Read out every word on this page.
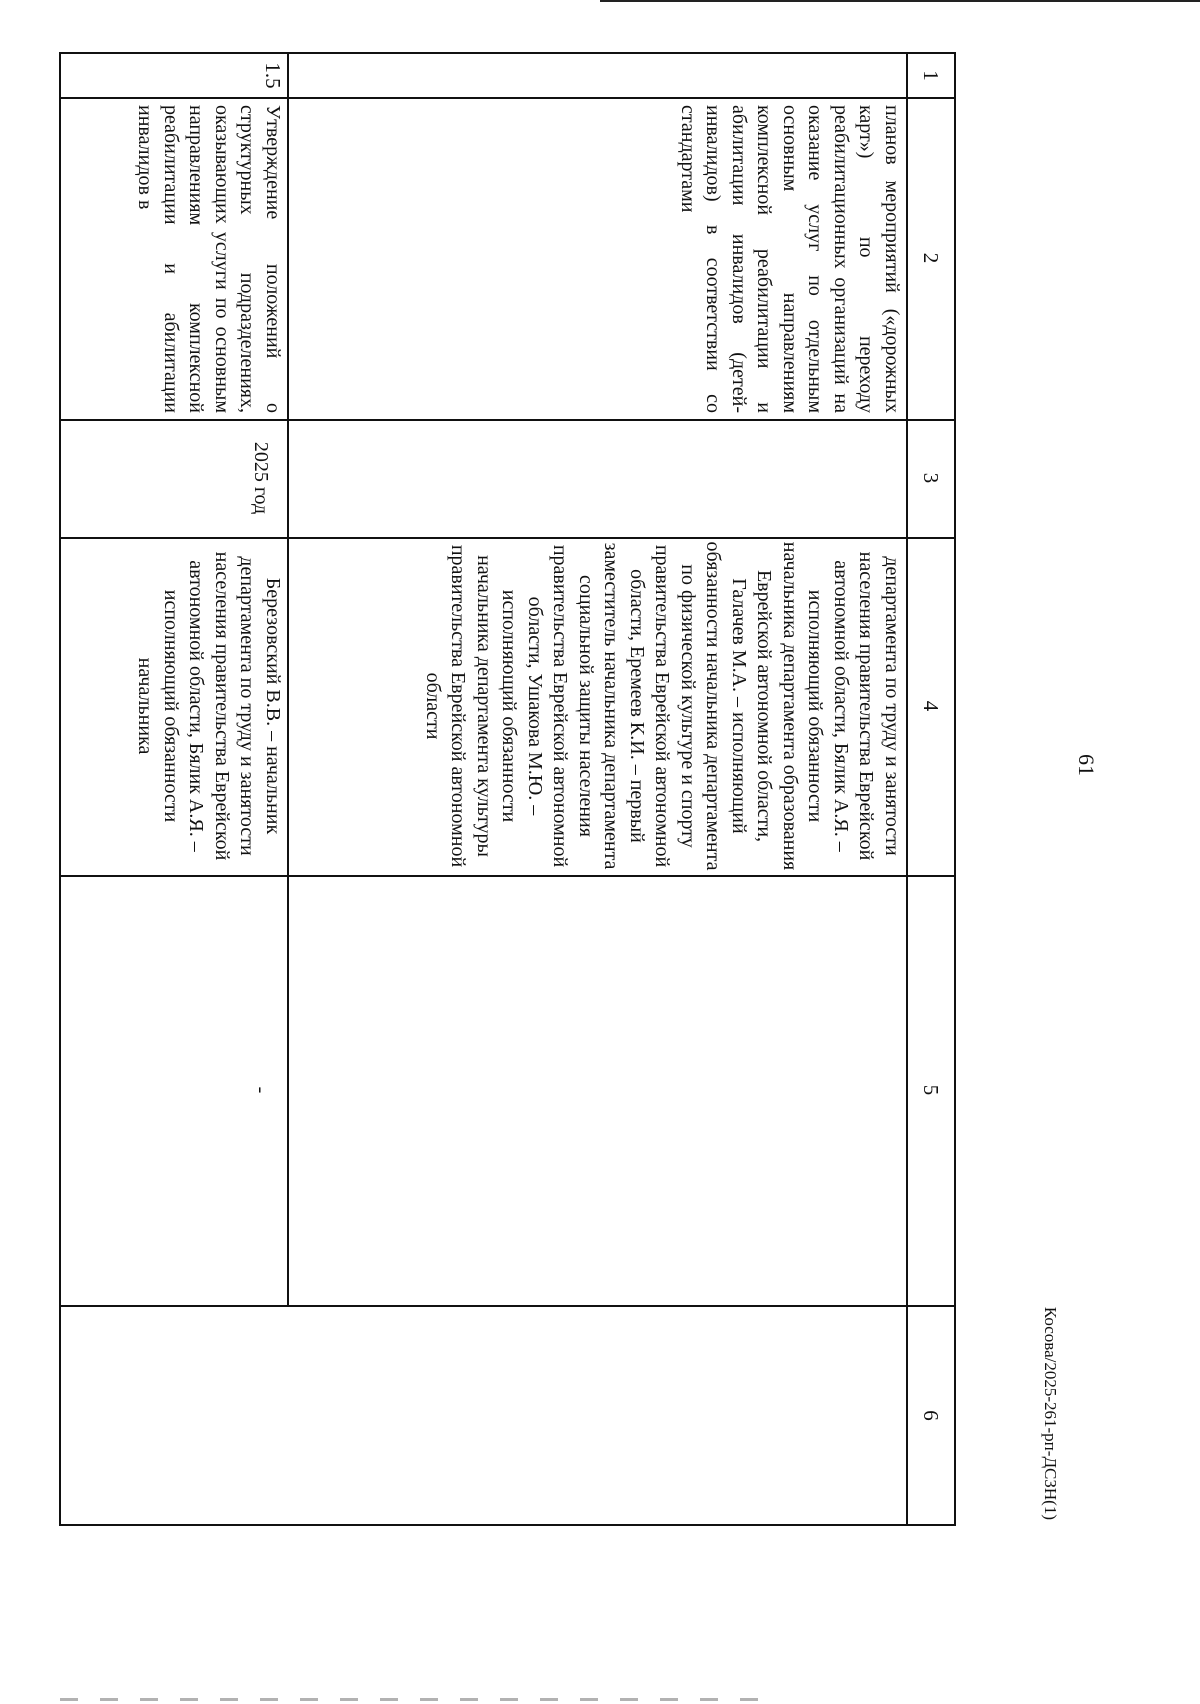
61
1
2
3
4
5
6
планов мероприятий («дорожных карт») по переходу реабилитационных организаций на оказание услуг по отдельным основным направлениям комплексной реабилитации и абилитации инвалидов (детей-инвалидов) в соответствии со стандартами
департамента по труду и занятости населения правительства Еврейской автономной области, Бялик А.Я. – исполняющий обязанности начальника департамента образования Еврейской автономной области, Галачев М.А. – исполняющий обязанности начальника департамента по физической культуре и спорту правительства Еврейской автономной области, Еремеев К.И. – первый заместитель начальника департамента социальной защиты населения правительства Еврейской автономной области, Ушакова М.Ю. – исполняющий обязанности начальника департамента культуры правительства Еврейской автономной области
1.5
Утверждение положений о структурных подразделениях, оказывающих услуги по основным направлениям комплексной реабилитации и абилитации инвалидов в
2025 год
Березовский В.В. – начальник департамента по труду и занятости населения правительства Еврейской автономной области, Бялик А.Я. – исполняющий обязанности начальника
-
Косова/2025-261-рп-ДСЗН(1)
